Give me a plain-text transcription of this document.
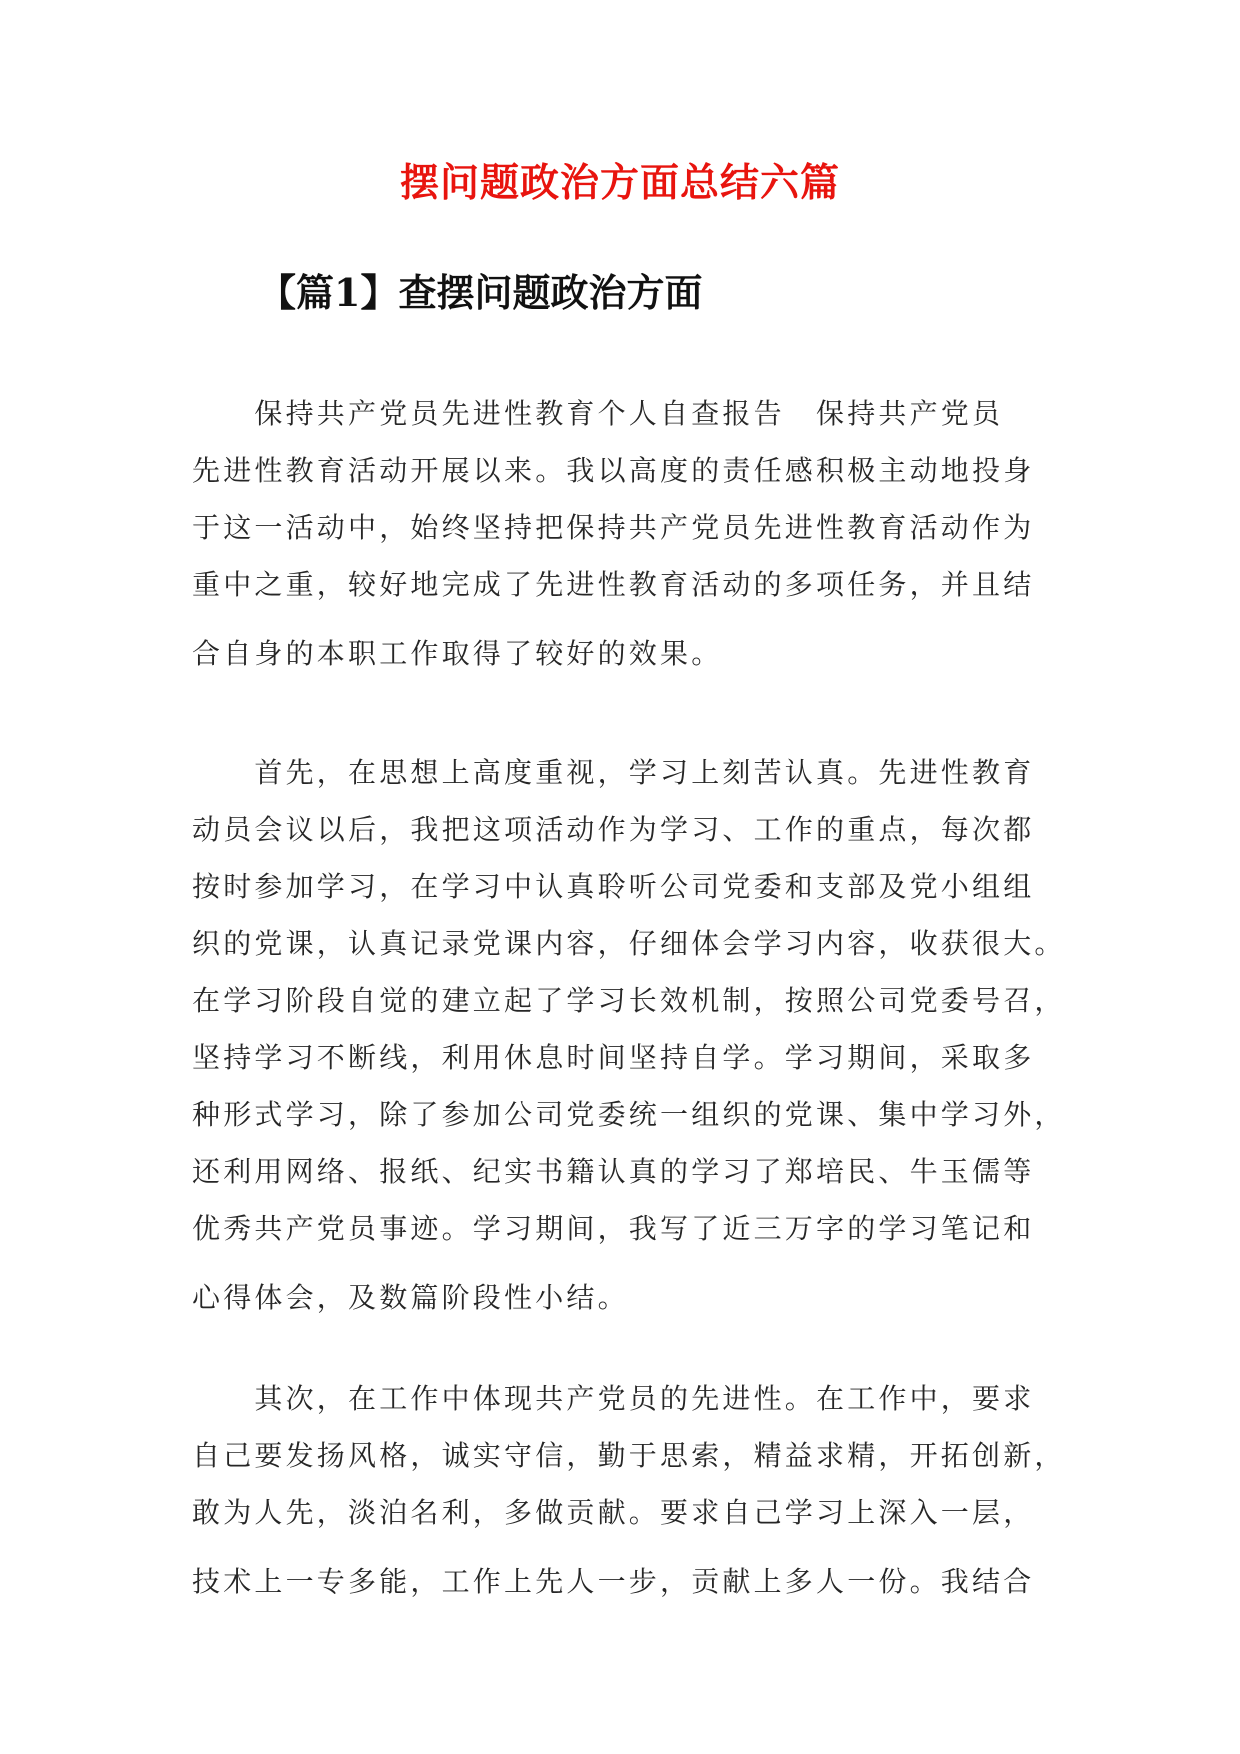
摆问题政治方面总结六篇
【篇1】查摆问题政治方面
　　保持共产党员先进性教育个人自查报告　保持共产党员
先进性教育活动开展以来。我以高度的责任感积极主动地投身
于这一活动中，始终坚持把保持共产党员先进性教育活动作为
重中之重，较好地完成了先进性教育活动的多项任务，并且结
合自身的本职工作取得了较好的效果。
　　首先，在思想上高度重视，学习上刻苦认真。先进性教育
动员会议以后，我把这项活动作为学习、工作的重点，每次都
按时参加学习，在学习中认真聆听公司党委和支部及党小组组
织的党课，认真记录党课内容，仔细体会学习内容，收获很大。
在学习阶段自觉的建立起了学习长效机制，按照公司党委号召，
坚持学习不断线，利用休息时间坚持自学。学习期间，采取多
种形式学习，除了参加公司党委统一组织的党课、集中学习外，
还利用网络、报纸、纪实书籍认真的学习了郑培民、牛玉儒等
优秀共产党员事迹。学习期间，我写了近三万字的学习笔记和
心得体会，及数篇阶段性小结。
　　其次，在工作中体现共产党员的先进性。在工作中，要求
自己要发扬风格，诚实守信，勤于思索，精益求精，开拓创新，
敢为人先，淡泊名利，多做贡献。要求自己学习上深入一层，
技术上一专多能，工作上先人一步，贡献上多人一份。我结合
